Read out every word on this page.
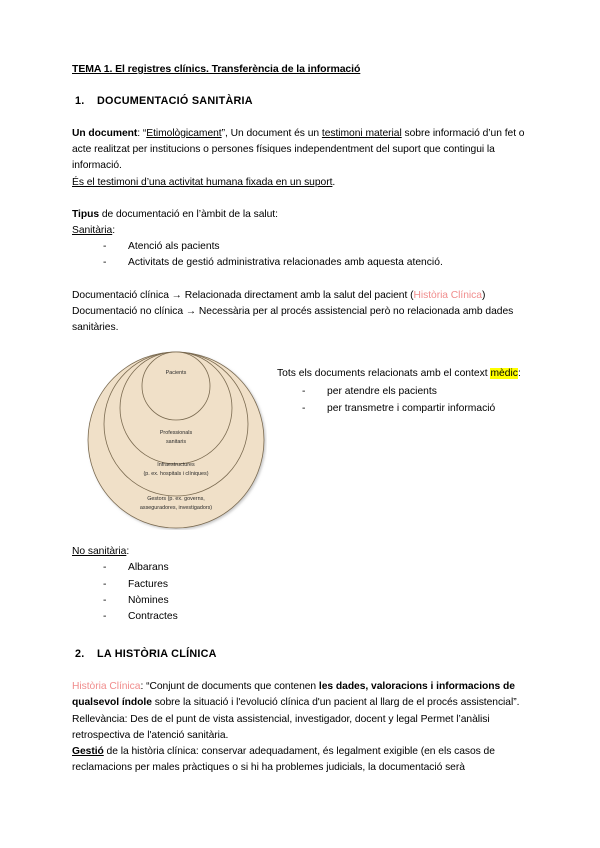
TEMA 1. El registres clínics. Transferència de la informació
1. DOCUMENTACIÓ SANITÀRIA

Un document: “Etimològicament”, Un document és un testimoni material sobre informació d’un fet o acte realitzat per institucions o persones físiques independentment del suport que contingui la informació.

És el testimoni d’una activitat humana fixada en un suport.

Tipus de documentació en l’àmbit de la salut:

Sanitària:

- Atenció als pacients
- Activitats de gestió administrativa relacionades amb aquesta atenció.

Documentació clínica → Relacionada directament amb la salut del pacient (Història Clínica)

Documentació no clínica → Necessària per al procés assistencial però no relacionada amb dades sanitàries.

Pacients
Professionals
sanitaris
Infraestructures
(p. ex. hospitals i clíniques)
Gestors (p. ex. governs,
asseguradores, investigadors)

Tots els documents relacionats amb el context mèdic:

- per atendre els pacients
- per transmetre i compartir informació

No sanitària:

- Albarans
- Factures
- Nòmines
- Contractes
2. LA HISTÒRIA CLÍNICA

Història Clínica: “Conjunt de documents que contenen les dades, valoracions i informacions de qualsevol índole sobre la situació i l'evolució clínica d'un pacient al llarg de el procés assistencial”.

Rellevància: Des de el punt de vista assistencial, investigador, docent y legal Permet l’anàlisi retrospectiva de l'atenció sanitària.

Gestió de la història clínica: conservar adequadament, és legalment exigible (en els casos de reclamacions per males pràctiques o si hi ha problemes judicials, la documentació serà
